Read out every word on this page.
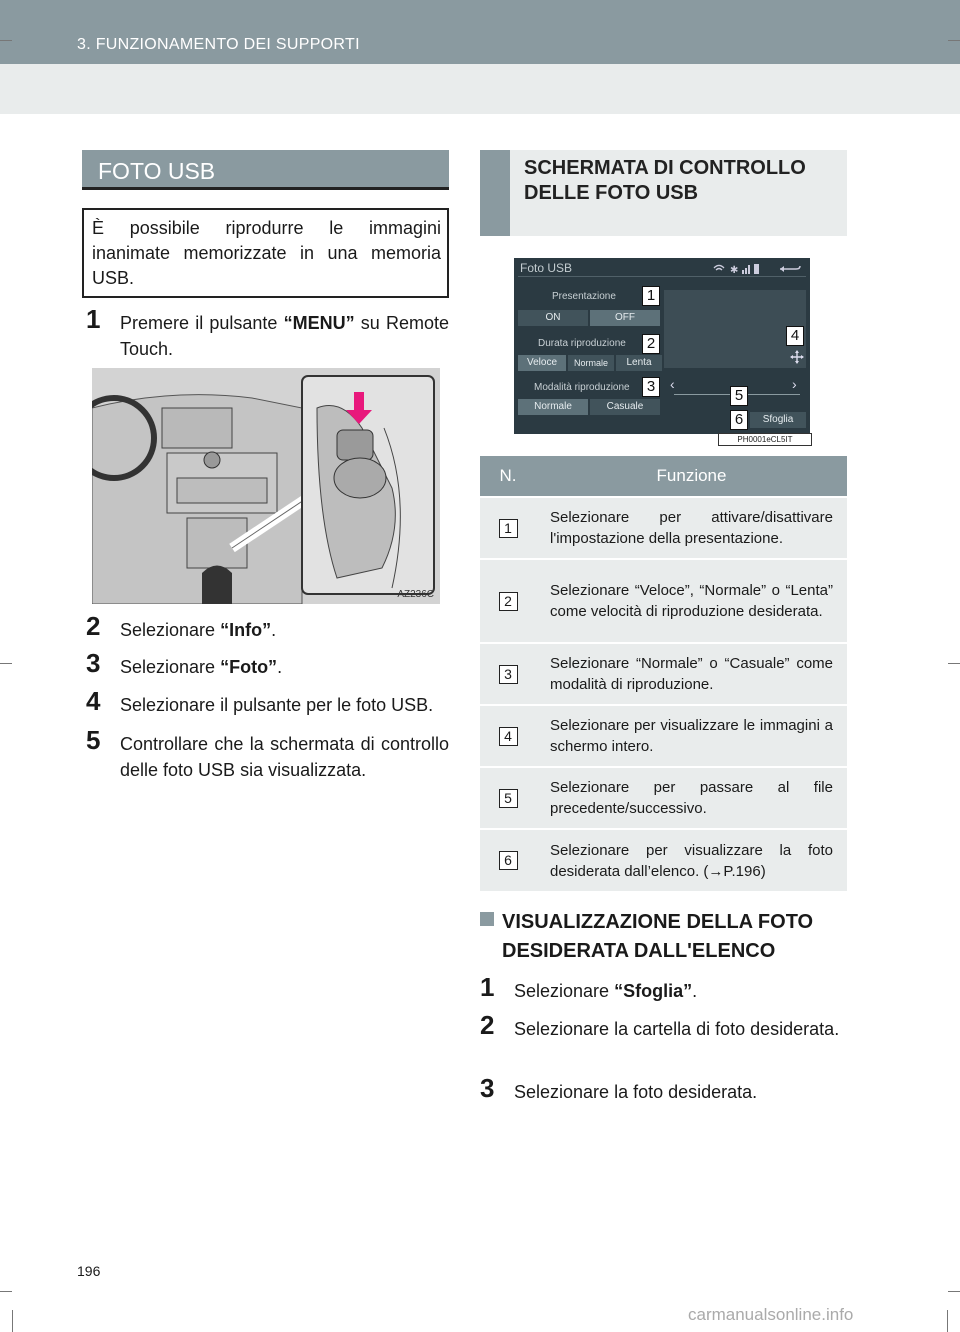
3. FUNZIONAMENTO DEI SUPPORTI
FOTO USB
È possibile riprodurre le immagini inanimate memorizzate in una memoria USB.
1 Premere il pulsante “MENU” su Remote Touch.
AZ236C
2 Selezionare “Info”.
3 Selezionare “Foto”.
4 Selezionare il pulsante per le foto USB.
5 Controllare che la schermata di controllo delle foto USB sia visualizzata.
SCHERMATA DI CONTROLLO DELLE FOTO USB
Foto USB	✱
Presentazione
ON	OFF
Durata riproduzione
Veloce	Normale	Lenta
Modalità riproduzione
Normale	Casuale
‹	›
Sfoglia
1
2
3
4
5
6
PH0001eCL5IT
N.	Funzione
1	Selezionare per attivare/disattivare l'impostazione della presentazione.
2	Selezionare “Veloce”, “Normale” o “Lenta” come velocità di riproduzione desiderata.
3	Selezionare “Normale” o “Casuale” come modalità di riproduzione.
4	Selezionare per visualizzare le immagini a schermo intero.
5	Selezionare per passare al file precedente/successivo.
6	Selezionare per visualizzare la foto desiderata dall’elenco. (→P.196)
VISUALIZZAZIONE DELLA FOTO DESIDERATA DALL'ELENCO
1 Selezionare “Sfoglia”.
2 Selezionare la cartella di foto desiderata.
3 Selezionare la foto desiderata.
196
carmanualsonline.info
